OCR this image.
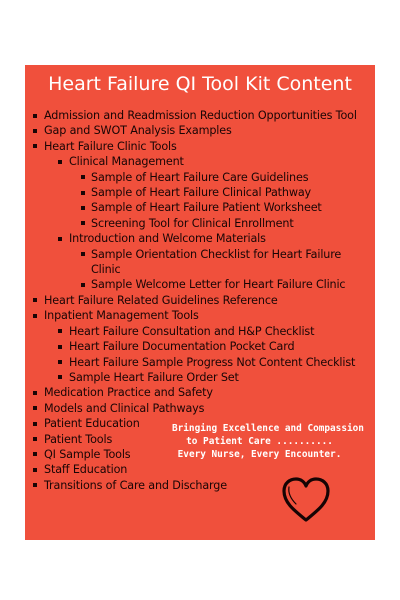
Heart Failure QI Tool Kit Content
Admission and Readmission Reduction Opportunities Tool
Gap and SWOT Analysis Examples
Heart Failure Clinic Tools
Clinical Management
Sample of Heart Failure Care Guidelines
Sample of Heart Failure Clinical Pathway
Sample of Heart Failure Patient Worksheet
Screening Tool for Clinical Enrollment
Introduction and Welcome Materials
Sample Orientation Checklist for Heart Failure Clinic
Sample Welcome Letter for Heart Failure Clinic
Heart Failure Related Guidelines Reference
Inpatient Management Tools
Heart Failure Consultation and H&P Checklist
Heart Failure Documentation Pocket Card
Heart Failure Sample Progress Not Content Checklist
Sample Heart Failure Order Set
Medication Practice and Safety
Models and Clinical Pathways
Patient Education
Patient Tools
QI Sample Tools
Staff Education
Transitions of Care and Discharge
Bringing Excellence and Compassion
to Patient Care ..........
Every Nurse, Every Encounter.
